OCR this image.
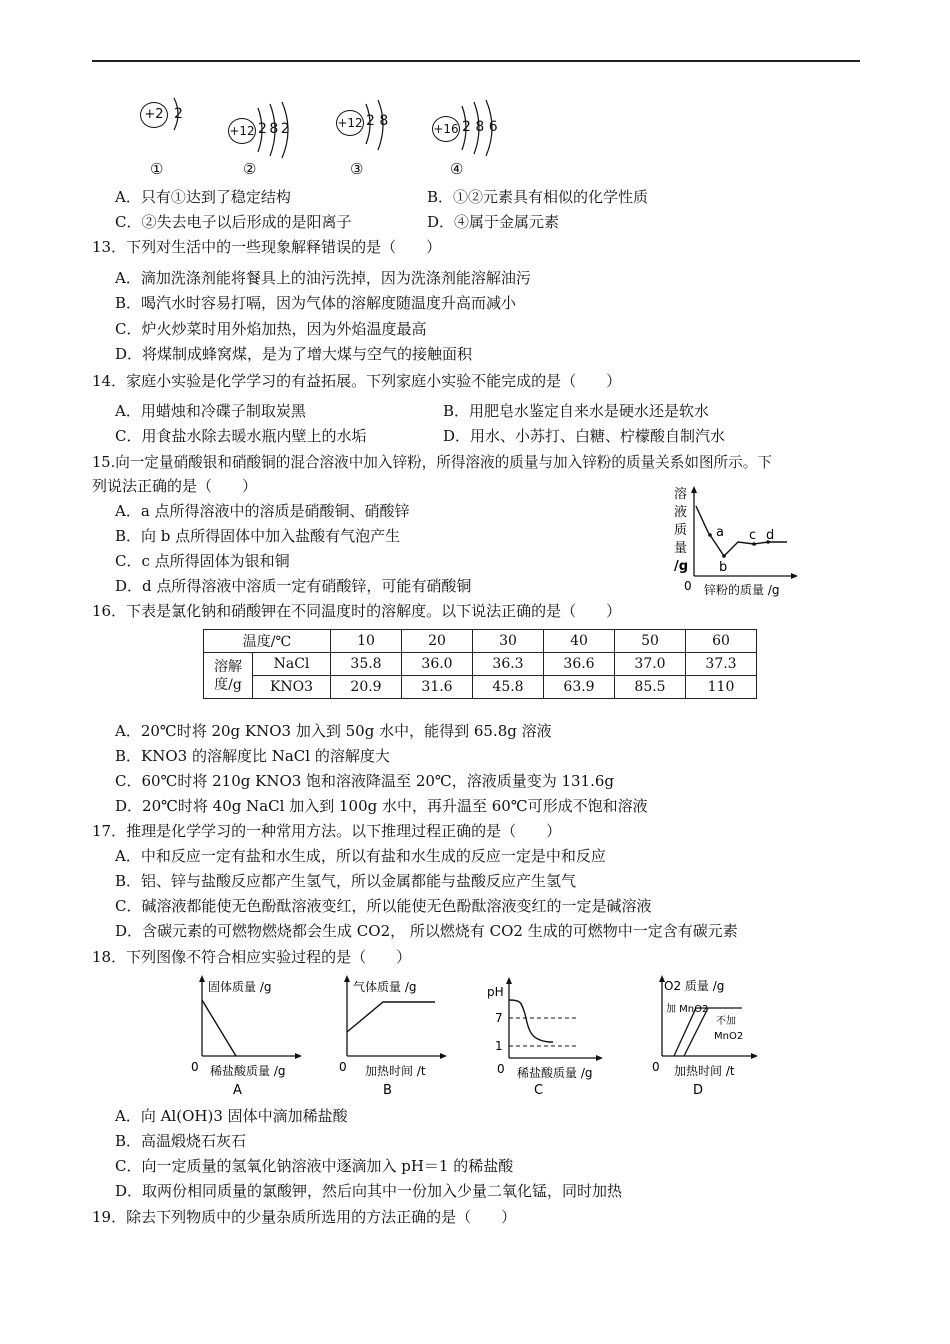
+2 2
+12 2 8 2	+12 2 8	+16 2 8 6
①	②	③	④
A．只有①达到了稳定结构	B．①②元素具有相似的化学性质
C．②失去电子以后形成的是阳离子	D．④属于金属元素
13．下列对生活中的一些现象解释错误的是（　　）
A．滴加洗涤剂能将餐具上的油污洗掉，因为洗涤剂能溶解油污
B．喝汽水时容易打嗝，因为气体的溶解度随温度升高而减小
C．炉火炒菜时用外焰加热，因为外焰温度最高
D．将煤制成蜂窝煤，是为了增大煤与空气的接触面积
14．家庭小实验是化学学习的有益拓展。下列家庭小实验不能完成的是（　　）
A．用蜡烛和冷碟子制取炭黑	B．用肥皂水鉴定自来水是硬水还是软水
C．用食盐水除去暖水瓶内壁上的水垢	D．用水、小苏打、白糖、柠檬酸自制汽水
15.向一定量硝酸银和硝酸铜的混合溶液中加入锌粉，所得溶液的质量与加入锌粉的质量关系如图所示。下
列说法正确的是（　　）
A．a 点所得溶液中的溶质是硝酸铜、硝酸锌
B．向 b 点所得固体中加入盐酸有气泡产生
C．c 点所得固体为银和铜
D．d 点所得溶液中溶质一定有硝酸锌，可能有硝酸铜
溶
液
质
量
/g
a
b
c d
0 锌粉的质量 /g
16．下表是氯化钠和硝酸钾在不同温度时的溶解度。以下说法正确的是（　　）
温度/℃		10	20	30	40	50	60
溶解度/g	NaCl	35.8	36.0	36.3	36.6	37.0	37.3
	KNO3	20.9	31.6	45.8	63.9	85.5	110
A．20℃时将 20g KNO3 加入到 50g 水中，能得到 65.8g 溶液
B．KNO3 的溶解度比 NaCl 的溶解度大
C．60℃时将 210g KNO3 饱和溶液降温至 20℃，溶液质量变为 131.6g
D．20℃时将 40g NaCl 加入到 100g 水中，再升温至 60℃可形成不饱和溶液
17．推理是化学学习的一种常用方法。以下推理过程正确的是（　　）
A．中和反应一定有盐和水生成，所以有盐和水生成的反应一定是中和反应
B．铝、锌与盐酸反应都产生氢气，所以金属都能与盐酸反应产生氢气
C．碱溶液都能使无色酚酞溶液变红，所以能使无色酚酞溶液变红的一定是碱溶液
D．含碳元素的可燃物燃烧都会生成 CO2， 所以燃烧有 CO2 生成的可燃物中一定含有碳元素
18．下列图像不符合相应实验过程的是（　　）
固体质量 /g
0 稀盐酸质量 /g
A
气体质量 /g
0 加热时间 /t
B
pH
7
1
0 稀盐酸质量 /g
C
O2 质量 /g
加 MnO2
不加
MnO2
0 加热时间 /t
D
A．向 Al(OH)3 固体中滴加稀盐酸
B．高温煅烧石灰石
C．向一定质量的氢氧化钠溶液中逐滴加入 pH＝1 的稀盐酸
D．取两份相同质量的氯酸钾，然后向其中一份加入少量二氧化锰，同时加热
19．除去下列物质中的少量杂质所选用的方法正确的是（　　）
